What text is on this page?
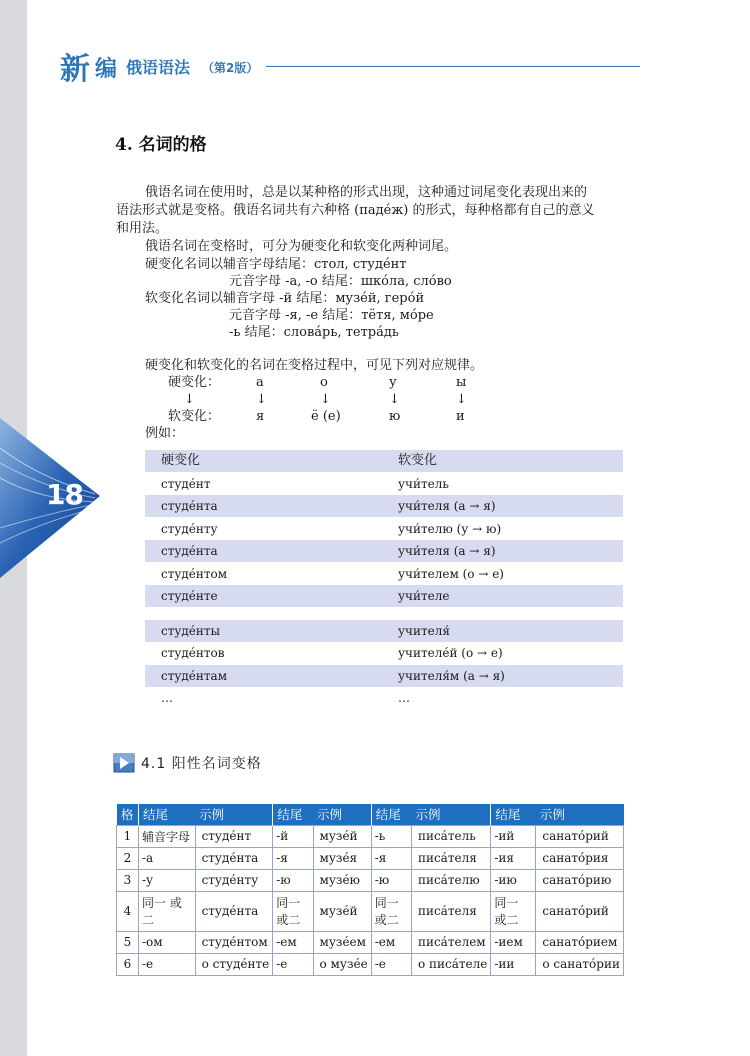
18
新 编 俄语语法 （第2版）
4. 名词的格
俄语名词在使用时，总是以某种格的形式出现，这种通过词尾变化表现出来的
语法形式就是变格。俄语名词共有六种格 (падéж) 的形式，每种格都有自己的意义
和用法。
俄语名词在变格时，可分为硬变化和软变化两种词尾。
硬变化名词以辅音字母结尾：стол, студéнт
元音字母 -а, -о 结尾：шкóла, слóво
软变化名词以辅音字母 -й 结尾：музéй, герóй
元音字母 -я, -е 结尾：тётя, мóре
-ь 结尾：словáрь, тетрáдь
硬变化和软变化的名词在变格过程中，可见下列对应规律。
硬变化：	а	о	у	ы
↓	↓	↓	↓	↓
软变化：	я	ё (е)	ю	и
例如：
硬变化	软变化
студéнт	учи́тель
студéнта	учи́теля (а → я)
студéнту	учи́телю (у → ю)
студéнта	учи́теля (а → я)
студéнтом	учи́телем (о → е)
студéнте	учи́теле
студéнты	учителя́
студéнтов	учителéй (о → е)
студéнтам	учителя́м (а → я)
…	…
4.1 阳性名词变格
格	结尾	示例	结尾	示例	结尾	示例	结尾	示例
1	辅音字母	студéнт	-й	музéй	-ь	писáтель	-ий	санатóрий
2	-а	студéнта	-я	музéя	-я	писáтеля	-ия	санатóрия
3	-у	студéнту	-ю	музéю	-ю	писáтелю	-ию	санатóрию
4	同一 或二	студéнта	同一 或二	музéй	同一 或二	писáтеля	同一 或二	санатóрий
5	-ом	студéнтом	-ем	музéем	-ем	писáтелем	-ием	санатóрием
6	-е	о студéнте	-е	о музéе	-е	о писáтеле	-ии	о санатóрии
